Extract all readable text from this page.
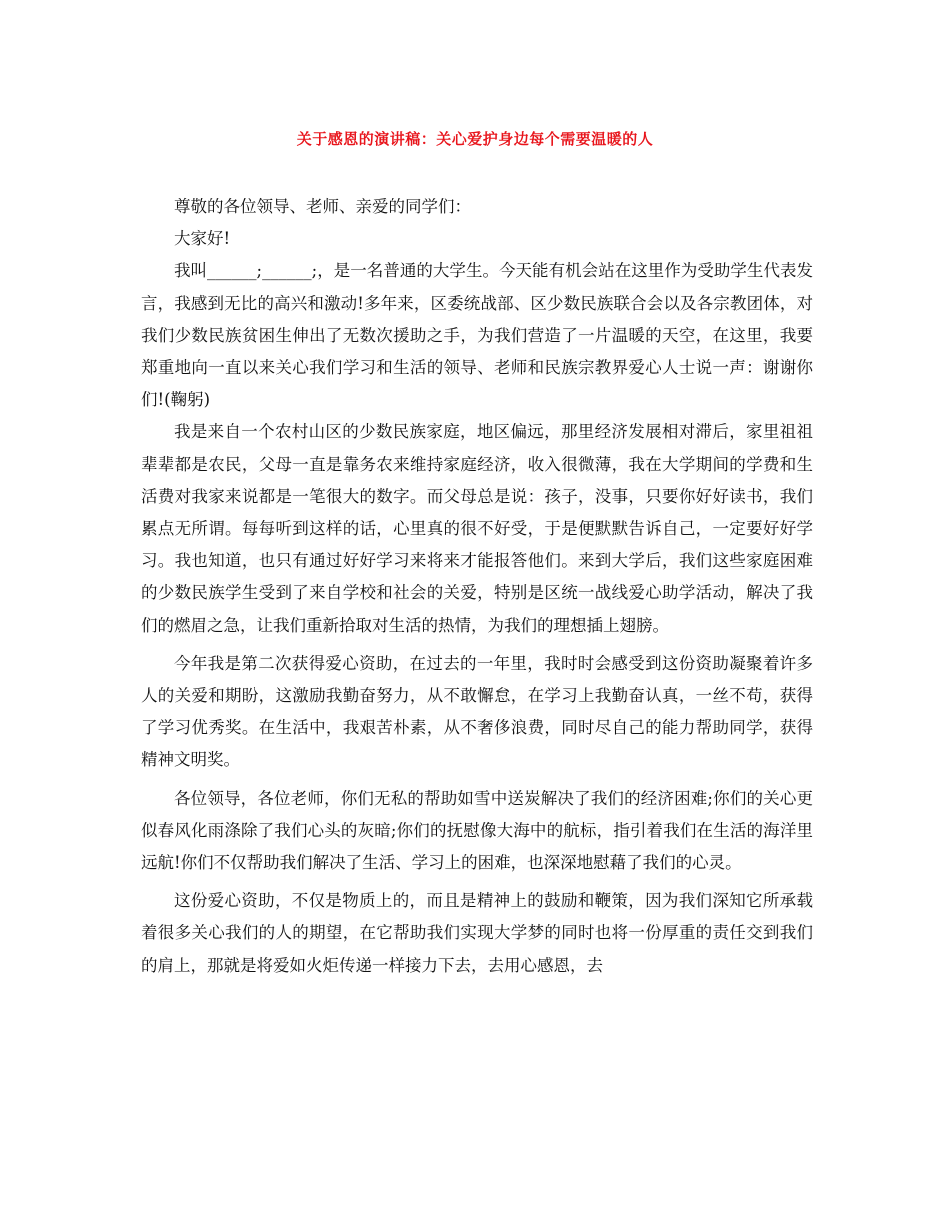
关于感恩的演讲稿：关心爱护身边每个需要温暖的人

尊敬的各位领导、老师、亲爱的同学们：

大家好!

我叫______;______;，是一名普通的大学生。今天能有机会站在这里作为受助学生代表发言，我感到无比的高兴和激动!多年来，区委统战部、区少数民族联合会以及各宗教团体，对我们少数民族贫困生伸出了无数次援助之手，为我们营造了一片温暖的天空，在这里，我要郑重地向一直以来关心我们学习和生活的领导、老师和民族宗教界爱心人士说一声：谢谢你们!(鞠躬)

我是来自一个农村山区的少数民族家庭，地区偏远，那里经济发展相对滞后，家里祖祖辈辈都是农民，父母一直是靠务农来维持家庭经济，收入很微薄，我在大学期间的学费和生活费对我家来说都是一笔很大的数字。而父母总是说：孩子，没事，只要你好好读书，我们累点无所谓。每每听到这样的话，心里真的很不好受，于是便默默告诉自己，一定要好好学习。我也知道，也只有通过好好学习来将来才能报答他们。来到大学后，我们这些家庭困难的少数民族学生受到了来自学校和社会的关爱，特别是区统一战线爱心助学活动，解决了我们的燃眉之急，让我们重新拾取对生活的热情，为我们的理想插上翅膀。

今年我是第二次获得爱心资助，在过去的一年里，我时时会感受到这份资助凝聚着许多人的关爱和期盼，这激励我勤奋努力，从不敢懈怠，在学习上我勤奋认真，一丝不苟，获得了学习优秀奖。在生活中，我艰苦朴素，从不奢侈浪费，同时尽自己的能力帮助同学，获得精神文明奖。

各位领导，各位老师，你们无私的帮助如雪中送炭解决了我们的经济困难;你们的关心更似春风化雨涤除了我们心头的灰暗;你们的抚慰像大海中的航标，指引着我们在生活的海洋里远航!你们不仅帮助我们解决了生活、学习上的困难，也深深地慰藉了我们的心灵。

这份爱心资助，不仅是物质上的，而且是精神上的鼓励和鞭策，因为我们深知它所承载着很多关心我们的人的期望，在它帮助我们实现大学梦的同时也将一份厚重的责任交到我们的肩上，那就是将爱如火炬传递一样接力下去，去用心感恩，去
